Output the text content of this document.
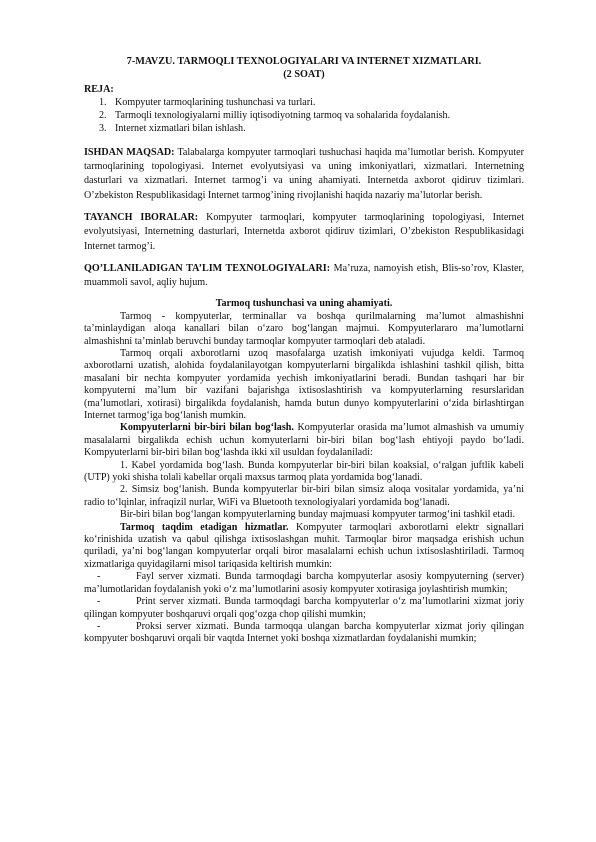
7-MAVZU. TARMOQLI TEXNOLOGIYALARI VA INTERNET XIZMATLARI.
(2 SOAT)
REJA:
1. Kompyuter tarmoqlarining tushunchasi va turlari.
2. Tarmoqli texnologiyalarni milliy iqtisodiyotning tarmoq va sohalarida foydalanish.
3. Internet xizmatlari bilan ishlash.
ISHDAN MAQSAD: Talabalarga kompyuter tarmoqlari tushuchasi haqida ma’lumotlar berish. Kompyuter tarmoqlarining topologiyasi. Internet evolyutsiyasi va uning imkoniyatlari, xizmatlari. Internetning dasturlari va xizmatlari. Internet tarmog’i va uning ahamiyati. Internetda axborot qidiruv tizimlari. O’zbekiston Respublikasidagi Internet tarmog’ining rivojlanishi haqida nazariy ma’lutorlar berish.
TAYANCH IBORALAR: Kompyuter tarmoqlari, kompyuter tarmoqlarining topologiyasi, Internet evolyutsiyasi, Internetning dasturlari, Internetda axborot qidiruv tizimlari, O’zbekiston Respublikasidagi Internet tarmog’i.
QO’LLANILADIGAN TA’LIM TEXNOLOGIYALARI: Ma’ruza, namoyish etish, Blis-so’rov, Klaster, muammoli savol, aqliy hujum.
Tarmoq tushunchasi va uning ahamiyati.

Tarmoq - kompyuterlar, terminallar va boshqa qurilmalarning ma’lumot almashishni ta’minlaydigan aloqa kanallari bilan o‘zaro bog‘langan majmui. Kompyuterlararo ma’lumotlarni almashishni ta’minlab beruvchi bunday tarmoqlar kompyuter tarmoqlari deb ataladi.

Tarmoq orqali axborotlarni uzoq masofalarga uzatish imkoniyati vujudga keldi. Tarmoq axborotlarni uzatish, alohida foydalanilayotgan kompyuterlarni birgalikda ishlashini tashkil qilish, bitta masalani bir nechta kompyuter yordamida yechish imkoniyatlarini beradi. Bundan tashqari har bir kompyuterni ma’lum bir vazifani bajarishga ixtisoslashtirish va kompyuterlarning resurslaridan (ma’lumotlari, xotirasi) birgalikda foydalanish, hamda butun dunyo kompyuterlarini o‘zida birlashtirgan Internet tarmog‘iga bog‘lanish mumkin.

Kompyuterlarni bir-biri bilan bog‘lash. Kompyuterlar orasida ma’lumot almashish va umumiy masalalarni birgalikda echish uchun komyuterlarni bir-biri bilan bog‘lash ehtiyoji paydo bo‘ladi. Kompyuterlarni bir-biri bilan bog‘lashda ikki xil usuldan foydalaniladi:

1. Kabel yordamida bog‘lash. Bunda kompyuterlar bir-biri bilan koaksial, o‘ralgan juftlik kabeli (UTP) yoki shisha tolali kabellar orqali maxsus tarmoq plata yordamida bog‘lanadi.

2. Simsiz bog‘lanish. Bunda kompyuterlar bir-biri bilan simsiz aloqa vositalar yordamida, ya’ni radio to‘lqinlar, infraqizil nurlar, WiFi va Bluetooth texnologiyalari yordamida bog‘lanadi.

Bir-biri bilan bog‘langan kompyuterlarning bunday majmuasi kompyuter tarmog‘ini tashkil etadi.

Tarmoq taqdim etadigan hizmatlar. Kompyuter tarmoqlari axborotlarni elektr signallari ko‘rinishida uzatish va qabul qilishga ixtisoslashgan muhit. Tarmoqlar biror maqsadga erishish uchun quriladi, ya’ni bog‘langan kompyuterlar orqali biror masalalarni echish uchun ixtisoslashtiriladi. Tarmoq xizmatlariga quyidagilarni misol tariqasida keltirish mumkin:

-	Fayl server xizmati. Bunda tarmoqdagi barcha kompyuterlar asosiy kompyuterning (server) ma’lumotlaridan foydalanish yoki o‘z ma’lumotlarini asosiy kompyuter xotirasiga joylashtirish mumkin;

-	Print server xizmati. Bunda tarmoqdagi barcha kompyuterlar o‘z ma’lumotlarini xizmat joriy qilingan kompyuter boshqaruvi orqali qog‘ozga chop qilishi mumkin;

-	Proksi server xizmati. Bunda tarmoqqa ulangan barcha kompyuterlar xizmat joriy qilingan kompyuter boshqaruvi orqali bir vaqtda Internet yoki boshqa xizmatlardan foydalanishi mumkin;
